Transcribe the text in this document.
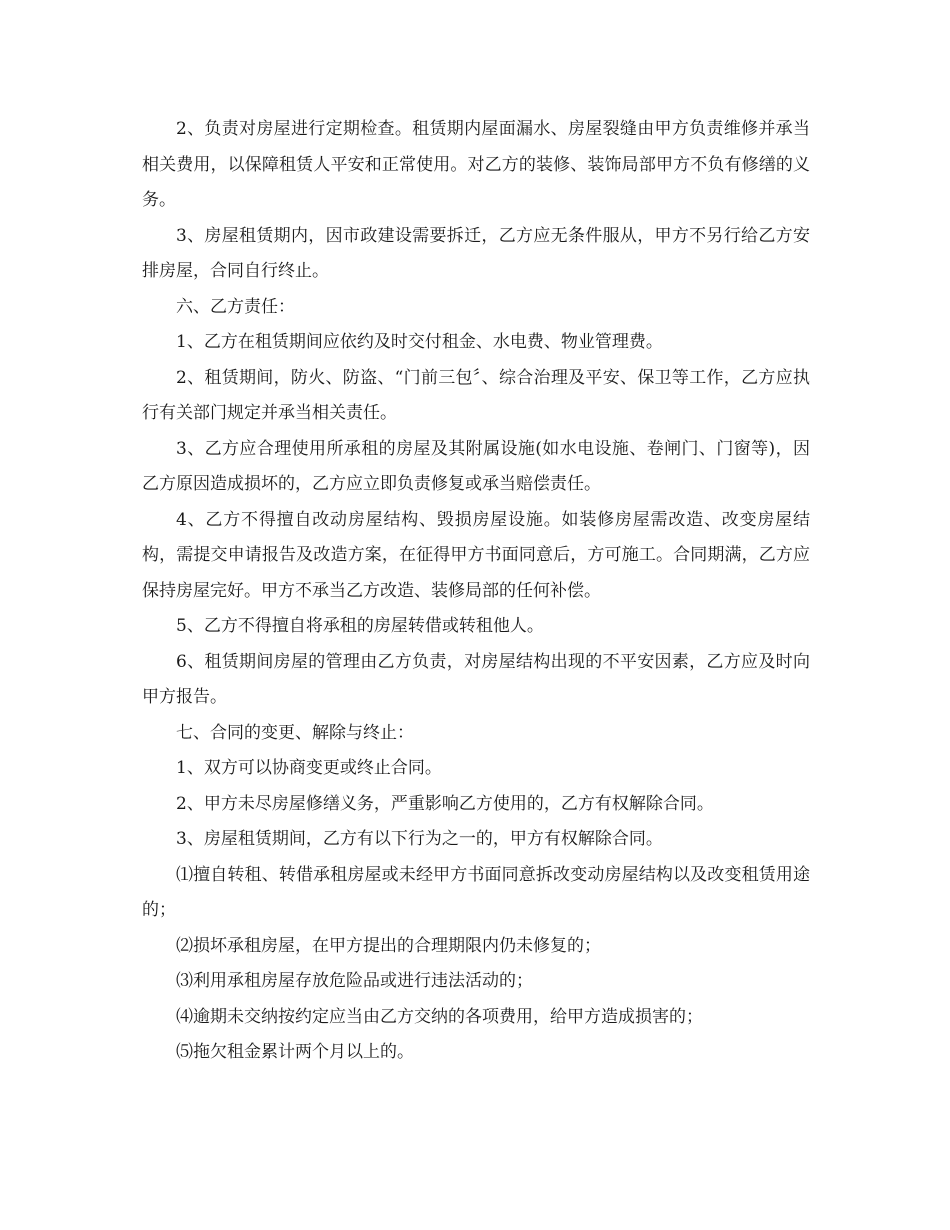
2、负责对房屋进行定期检查。租赁期内屋面漏水、房屋裂缝由甲方负责维修并承当相关费用，以保障租赁人平安和正常使用。对乙方的装修、装饰局部甲方不负有修缮的义务。

3、房屋租赁期内，因市政建设需要拆迁，乙方应无条件服从，甲方不另行给乙方安排房屋，合同自行终止。

六、乙方责任：

1、乙方在租赁期间应依约及时交付租金、水电费、物业管理费。

2、租赁期间，防火、防盗、“门前三包〞、综合治理及平安、保卫等工作，乙方应执行有关部门规定并承当相关责任。

3、乙方应合理使用所承租的房屋及其附属设施(如水电设施、卷闸门、门窗等)，因乙方原因造成损坏的，乙方应立即负责修复或承当赔偿责任。

4、乙方不得擅自改动房屋结构、毁损房屋设施。如装修房屋需改造、改变房屋结构，需提交申请报告及改造方案，在征得甲方书面同意后，方可施工。合同期满，乙方应保持房屋完好。甲方不承当乙方改造、装修局部的任何补偿。

5、乙方不得擅自将承租的房屋转借或转租他人。

6、租赁期间房屋的管理由乙方负责，对房屋结构出现的不平安因素，乙方应及时向甲方报告。

七、合同的变更、解除与终止：

1、双方可以协商变更或终止合同。

2、甲方未尽房屋修缮义务，严重影响乙方使用的，乙方有权解除合同。

3、房屋租赁期间，乙方有以下行为之一的，甲方有权解除合同。

⑴擅自转租、转借承租房屋或未经甲方书面同意拆改变动房屋结构以及改变租赁用途的；

⑵损坏承租房屋，在甲方提出的合理期限内仍未修复的；

⑶利用承租房屋存放危险品或进行违法活动的；

⑷逾期未交纳按约定应当由乙方交纳的各项费用，给甲方造成损害的；

⑸拖欠租金累计两个月以上的。
